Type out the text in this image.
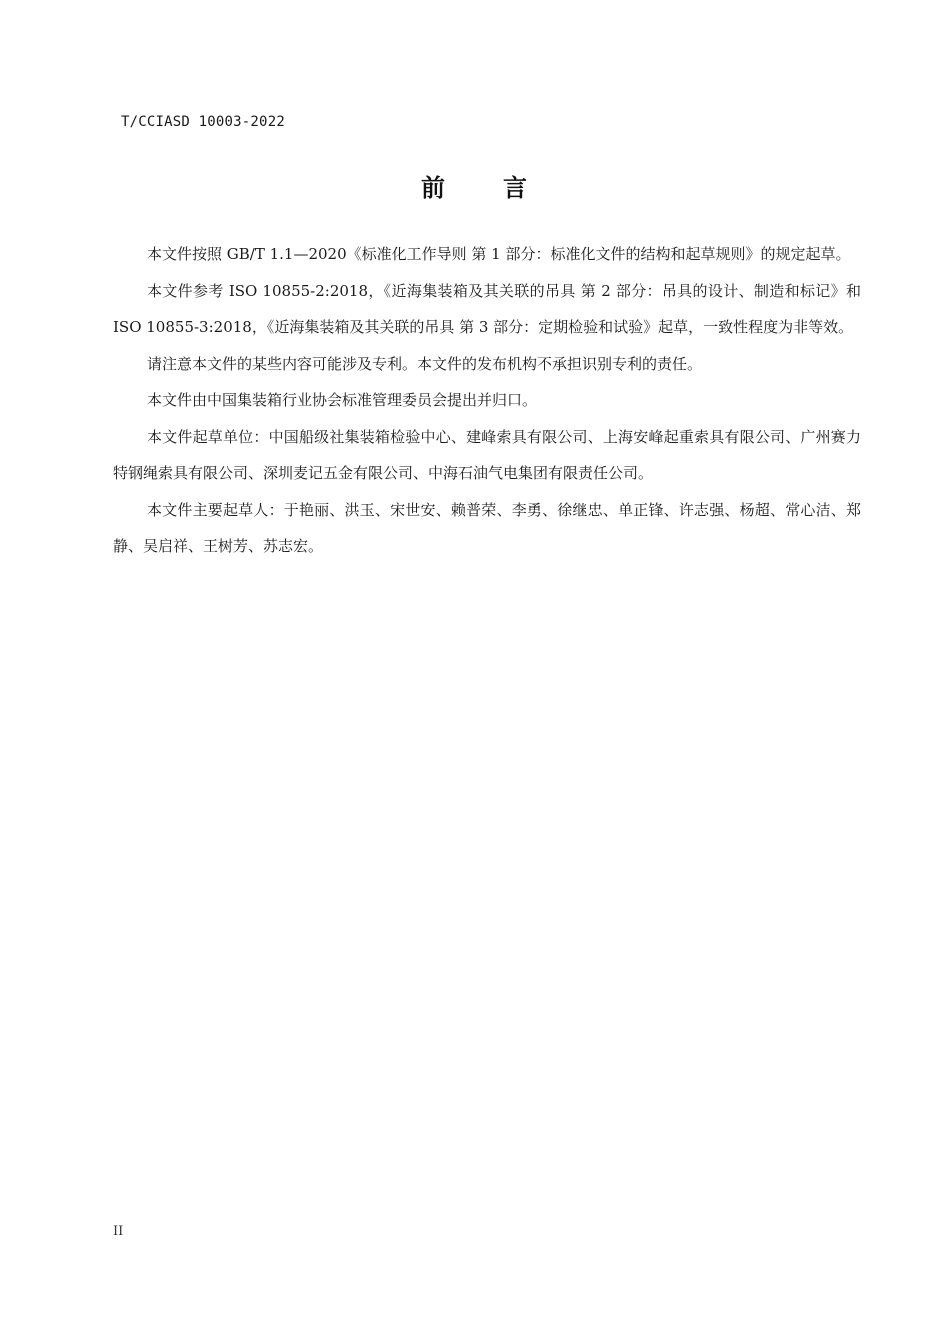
T/CCIASD 10003-2022
前 言

本文件按照 GB/T 1.1—2020《标准化工作导则 第 1 部分：标准化文件的结构和起草规则》的规定起草。

本文件参考 ISO 10855-2:2018，《近海集装箱及其关联的吊具 第 2 部分：吊具的设计、制造和标记》和 ISO 10855-3:2018，《近海集装箱及其关联的吊具 第 3 部分：定期检验和试验》起草，一致性程度为非等效。

请注意本文件的某些内容可能涉及专利。本文件的发布机构不承担识别专利的责任。

本文件由中国集装箱行业协会标准管理委员会提出并归口。

本文件起草单位：中国船级社集装箱检验中心、建峰索具有限公司、上海安峰起重索具有限公司、广州赛力特钢绳索具有限公司、深圳麦记五金有限公司、中海石油气电集团有限责任公司。

本文件主要起草人：于艳丽、洪玉、宋世安、赖普荣、李勇、徐继忠、单正锋、许志强、杨超、常心洁、郑静、吴启祥、王树芳、苏志宏。

II
